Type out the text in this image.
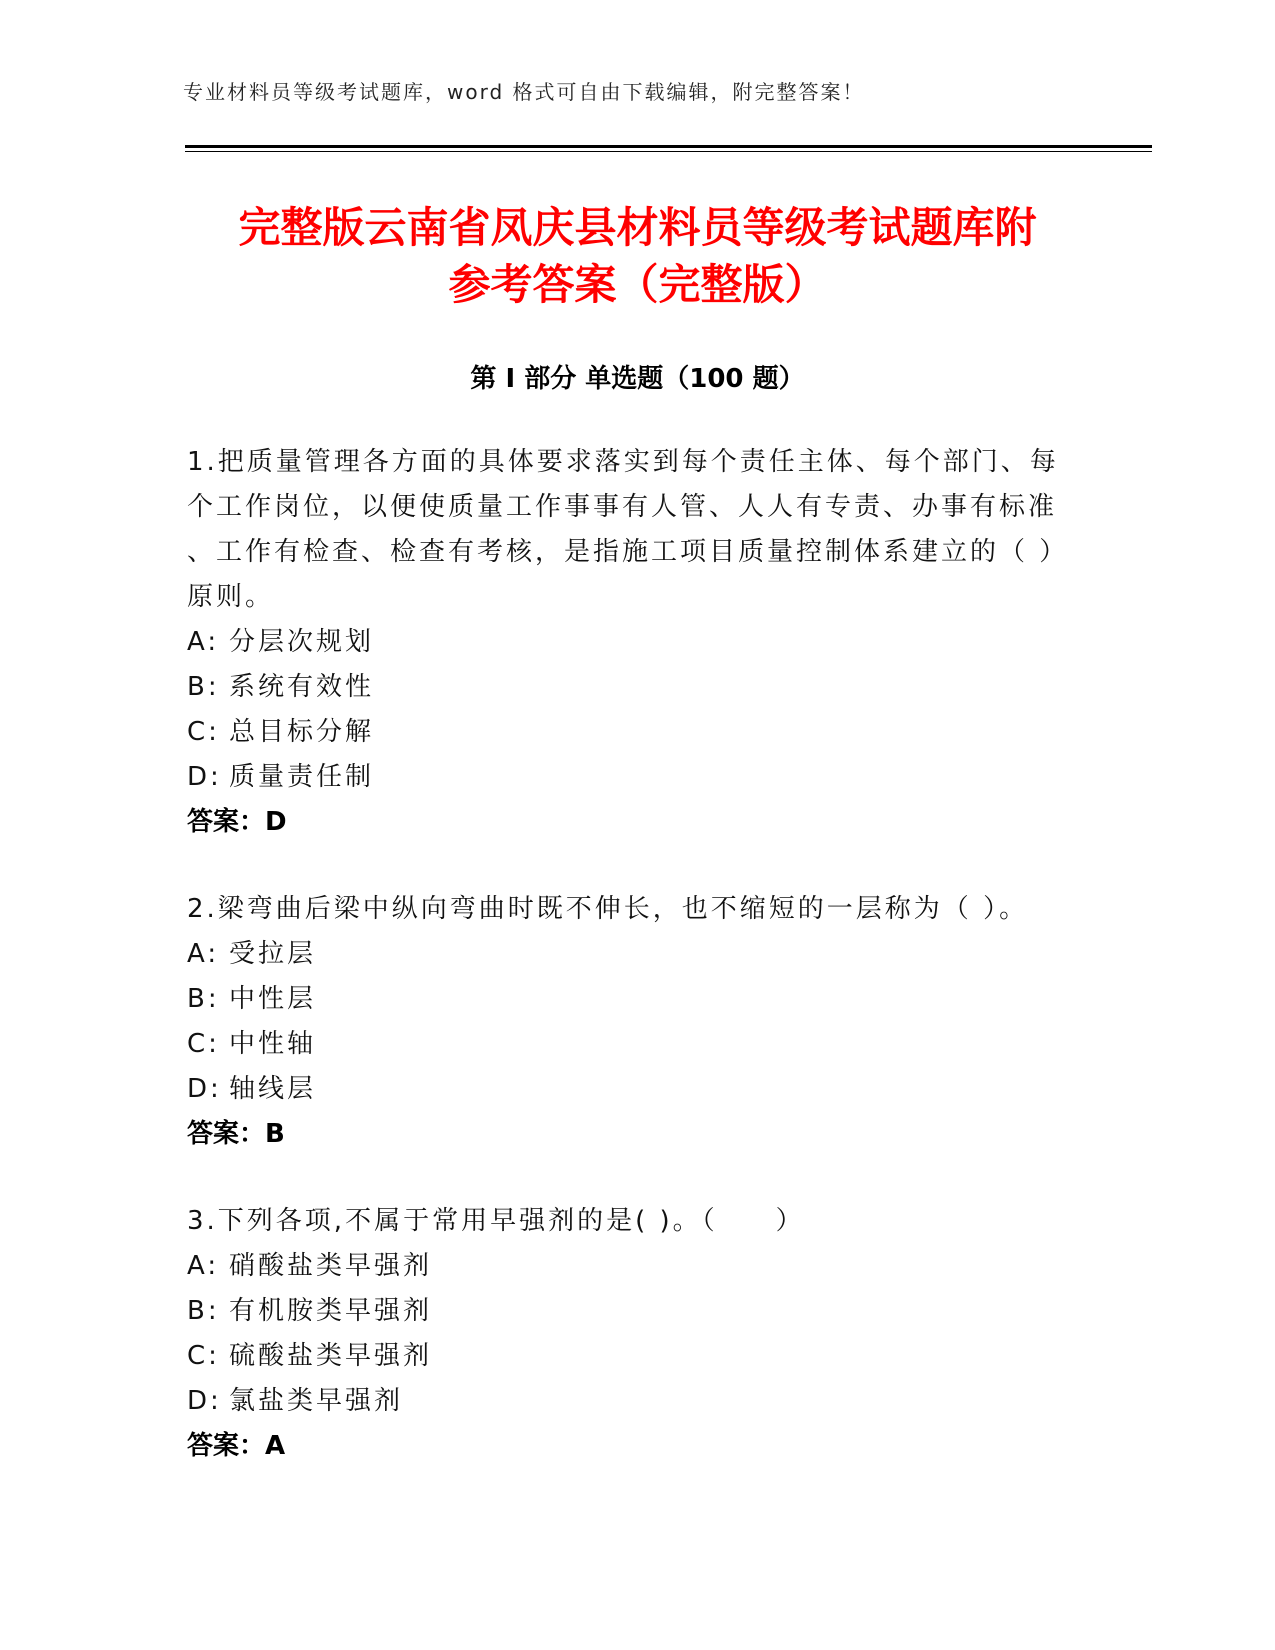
专业材料员等级考试题库，word 格式可自由下载编辑，附完整答案！
完整版云南省凤庆县材料员等级考试题库附
参考答案（完整版）
第 I 部分 单选题（100 题）
1.把质量管理各方面的具体要求落实到每个责任主体、每个部门、每
个工作岗位，以便使质量工作事事有人管、人人有专责、办事有标准
、工作有检查、检查有考核，是指施工项目质量控制体系建立的（ ）
原则。
A: 分层次规划
B: 系统有效性
C: 总目标分解
D: 质量责任制
答案：D
2.梁弯曲后梁中纵向弯曲时既不伸长，也不缩短的一层称为（ ）。
A: 受拉层
B: 中性层
C: 中性轴
D: 轴线层
答案：B
3.下列各项,不属于常用早强剂的是( )。（　　）
A: 硝酸盐类早强剂
B: 有机胺类早强剂
C: 硫酸盐类早强剂
D: 氯盐类早强剂
答案：A
